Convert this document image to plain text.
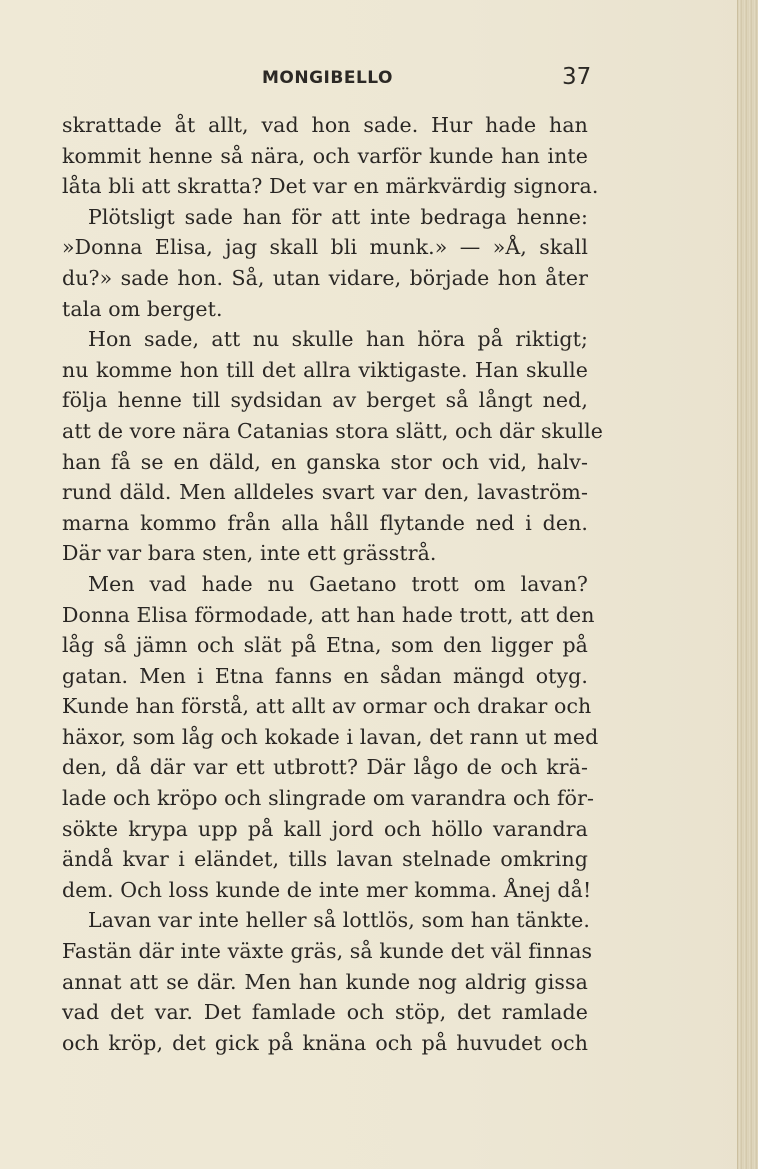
MONGIBELLO	37
skrattade åt allt, vad hon sade. Hur hade han
kommit henne så nära, och varför kunde han inte
låta bli att skratta? Det var en märkvärdig signora.
Plötsligt sade han för att inte bedraga henne:
»Donna Elisa, jag skall bli munk.» — »Å, skall
du?» sade hon. Så, utan vidare, började hon åter
tala om berget.
Hon sade, att nu skulle han höra på riktigt;
nu komme hon till det allra viktigaste. Han skulle
följa henne till sydsidan av berget så långt ned,
att de vore nära Catanias stora slätt, och där skulle
han få se en däld, en ganska stor och vid, halv-
rund däld. Men alldeles svart var den, lavaström-
marna kommo från alla håll flytande ned i den.
Där var bara sten, inte ett grässtrå.
Men vad hade nu Gaetano trott om lavan?
Donna Elisa förmodade, att han hade trott, att den
låg så jämn och slät på Etna, som den ligger på
gatan. Men i Etna fanns en sådan mängd otyg.
Kunde han förstå, att allt av ormar och drakar och
häxor, som låg och kokade i lavan, det rann ut med
den, då där var ett utbrott? Där lågo de och krä-
lade och kröpo och slingrade om varandra och för-
sökte krypa upp på kall jord och höllo varandra
ändå kvar i eländet, tills lavan stelnade omkring
dem. Och loss kunde de inte mer komma. Ånej då!
Lavan var inte heller så lottlös, som han tänkte.
Fastän där inte växte gräs, så kunde det väl finnas
annat att se där. Men han kunde nog aldrig gissa
vad det var. Det famlade och stöp, det ramlade
och kröp, det gick på knäna och på huvudet och
